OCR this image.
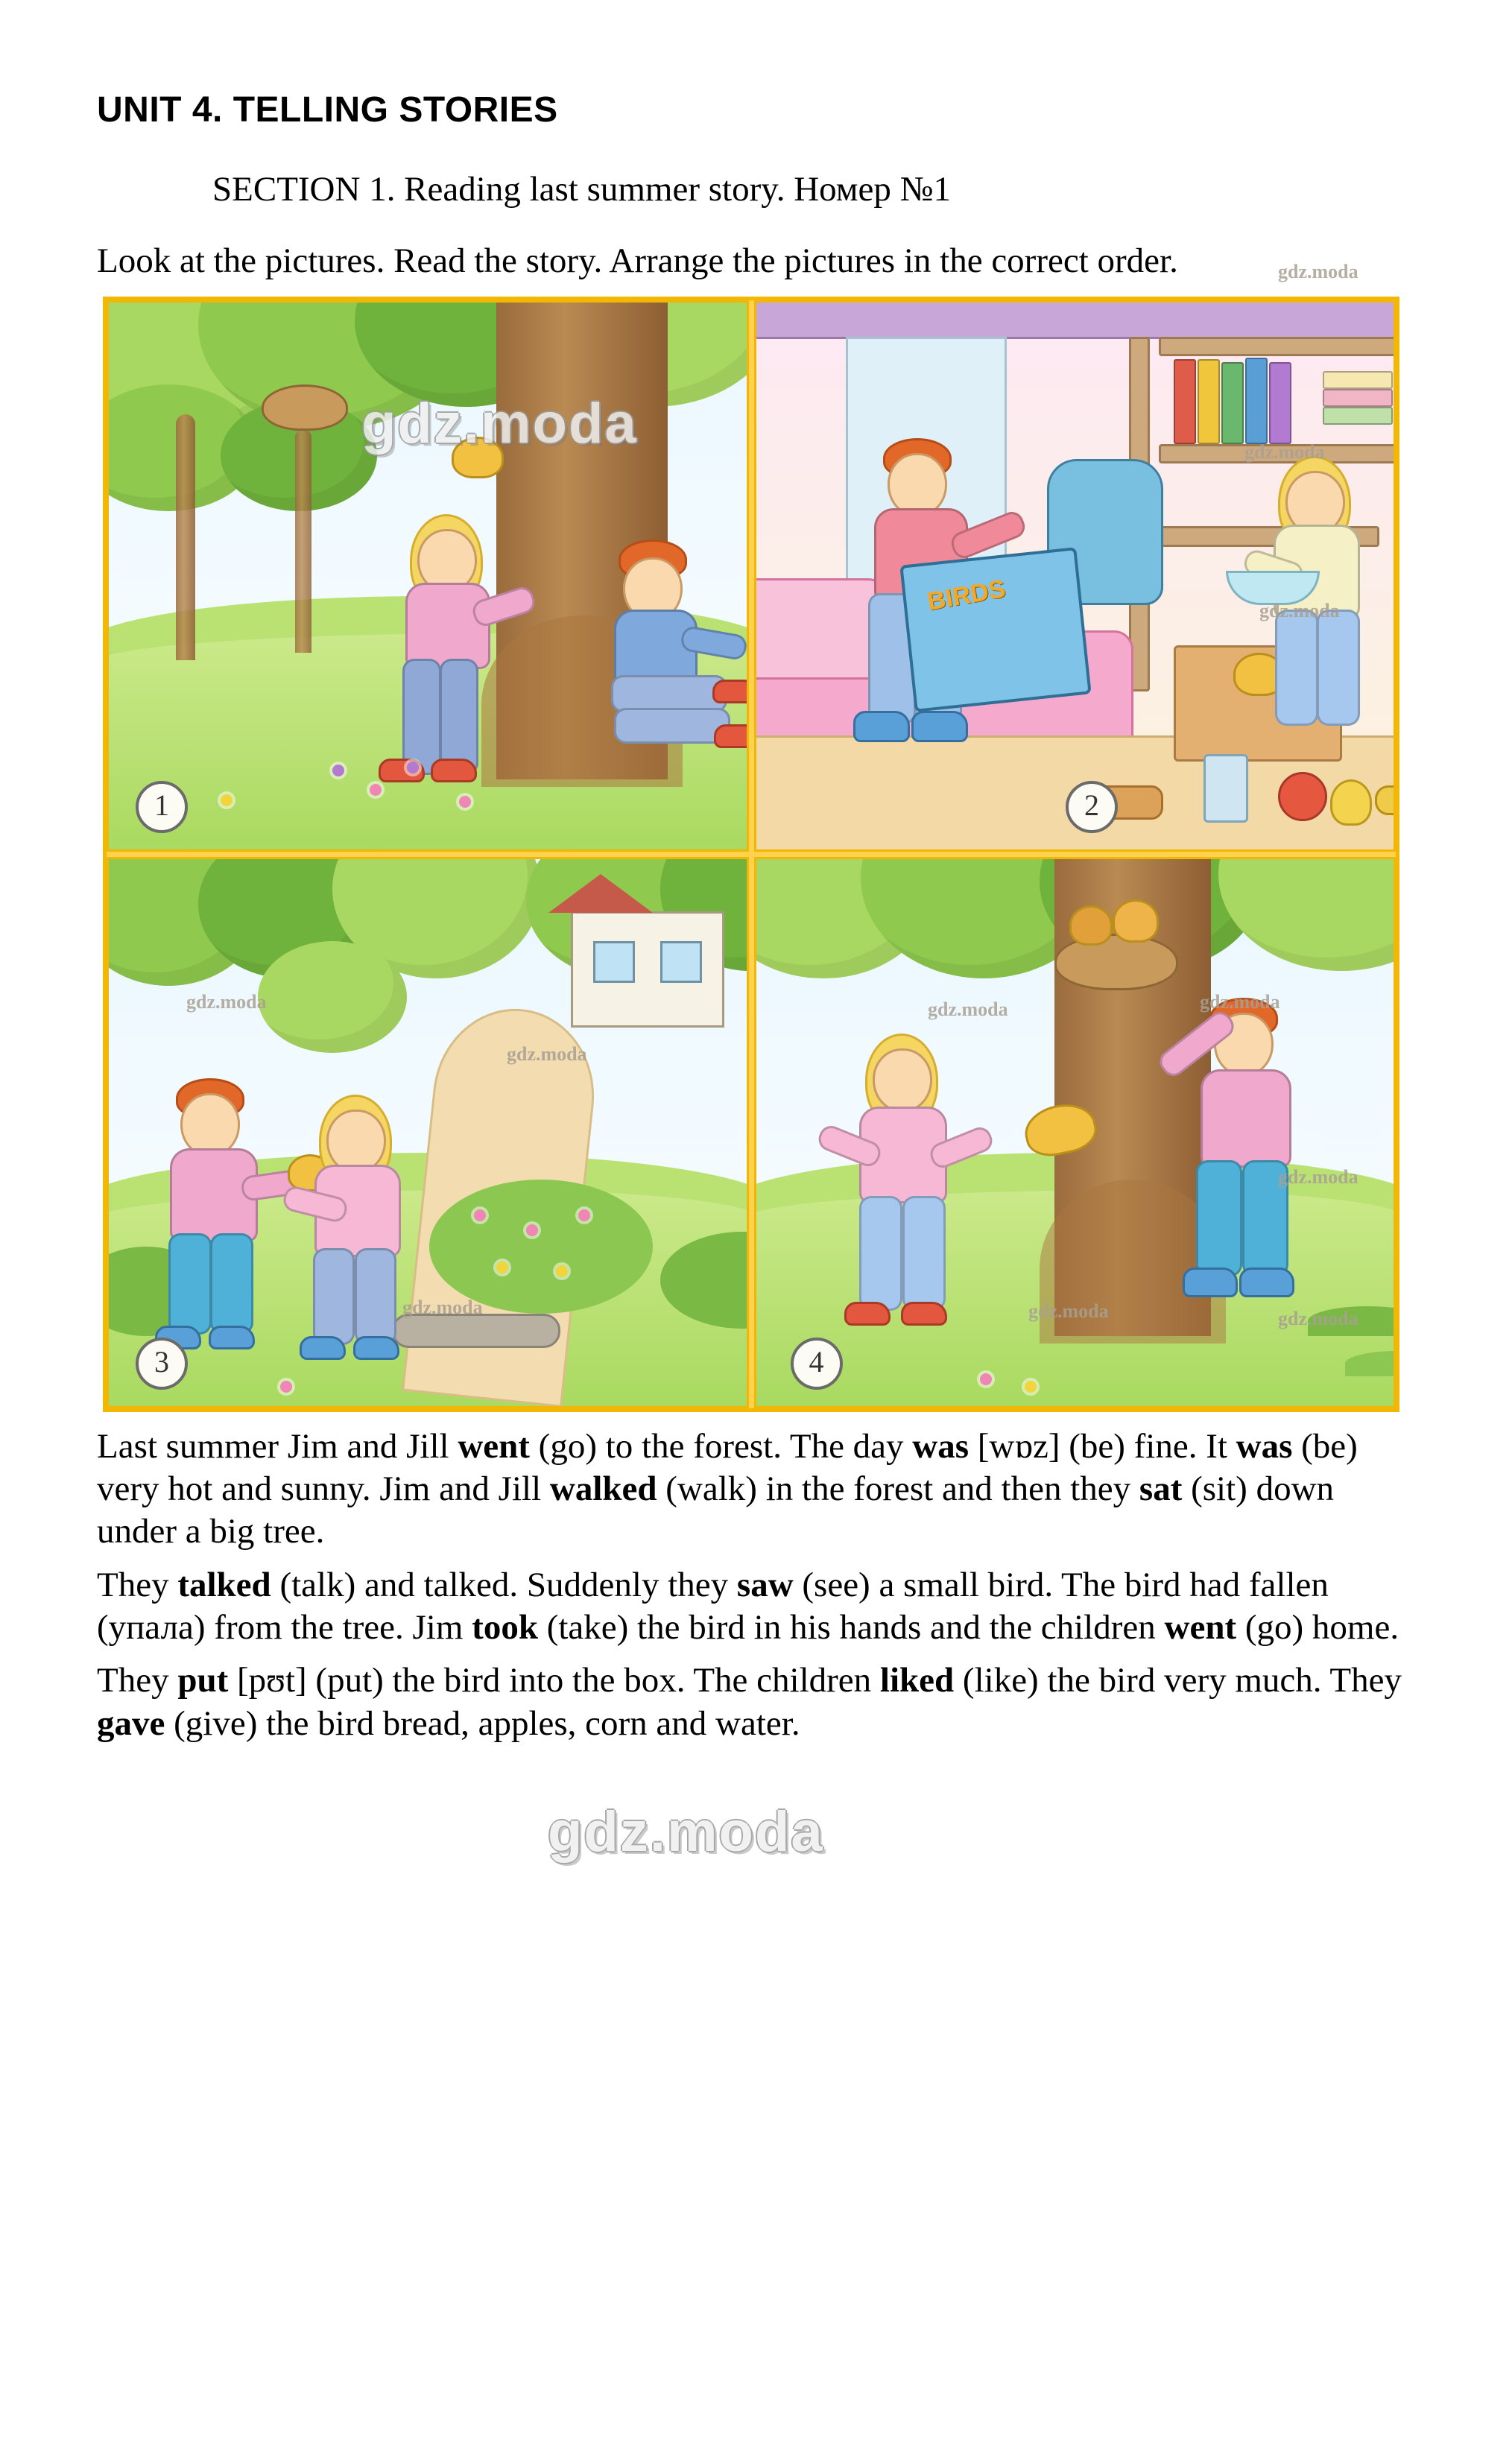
UNIT 4. TELLING STORIES
SECTION 1. Reading last summer story. Номер №1
Look at the pictures. Read the story. Arrange the pictures in the correct order.
1
BIRDS
2
3	4

Last summer Jim and Jill went (go) to the forest. The day was [wɒz] (be) fine. It was (be) very hot and sunny. Jim and Jill walked (walk) in the forest and then they sat (sit) down under a big tree.

They talked (talk) and talked. Suddenly they saw (see) a small bird. The bird had fallen (упала) from the tree. Jim took (take) the bird in his hands and the children went (go) home.

They put [pʊt] (put) the bird into the box. The children liked (like) the bird very much. They gave (give) the bird bread, apples, corn and water.

gdz.moda
gdz.moda
gdz.moda
gdz.moda	gdz.moda
gdz.moda
gdz.moda
gdz.moda
gdz.moda	gdz.moda	gdz.moda
gdz.moda
gdz.moda
